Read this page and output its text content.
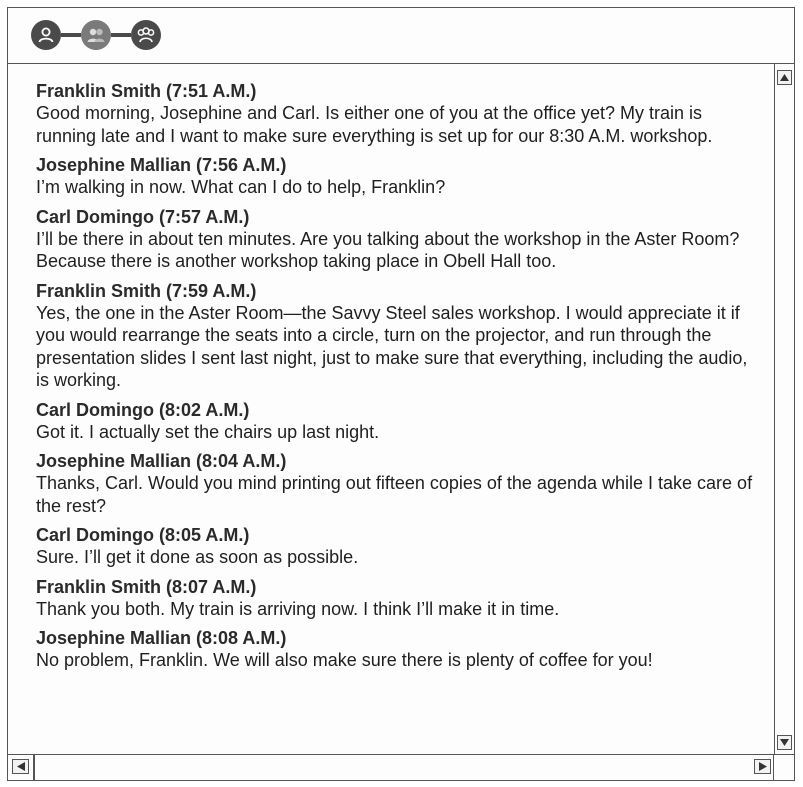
Franklin Smith (7:51 A.M.)
Good morning, Josephine and Carl. Is either one of you at the office yet? My train is running late and I want to make sure everything is set up for our 8:30 A.M. workshop.
Josephine Mallian (7:56 A.M.)
I’m walking in now. What can I do to help, Franklin?
Carl Domingo (7:57 A.M.)
I’ll be there in about ten minutes. Are you talking about the workshop in the Aster Room? Because there is another workshop taking place in Obell Hall too.
Franklin Smith (7:59 A.M.)
Yes, the one in the Aster Room—the Savvy Steel sales workshop. I would appreciate it if you would rearrange the seats into a circle, turn on the projector, and run through the presentation slides I sent last night, just to make sure that everything, including the audio, is working.
Carl Domingo (8:02 A.M.)
Got it. I actually set the chairs up last night.
Josephine Mallian (8:04 A.M.)
Thanks, Carl. Would you mind printing out fifteen copies of the agenda while I take care of the rest?
Carl Domingo (8:05 A.M.)
Sure. I’ll get it done as soon as possible.
Franklin Smith (8:07 A.M.)
Thank you both. My train is arriving now. I think I’ll make it in time.
Josephine Mallian (8:08 A.M.)
No problem, Franklin. We will also make sure there is plenty of coffee for you!
